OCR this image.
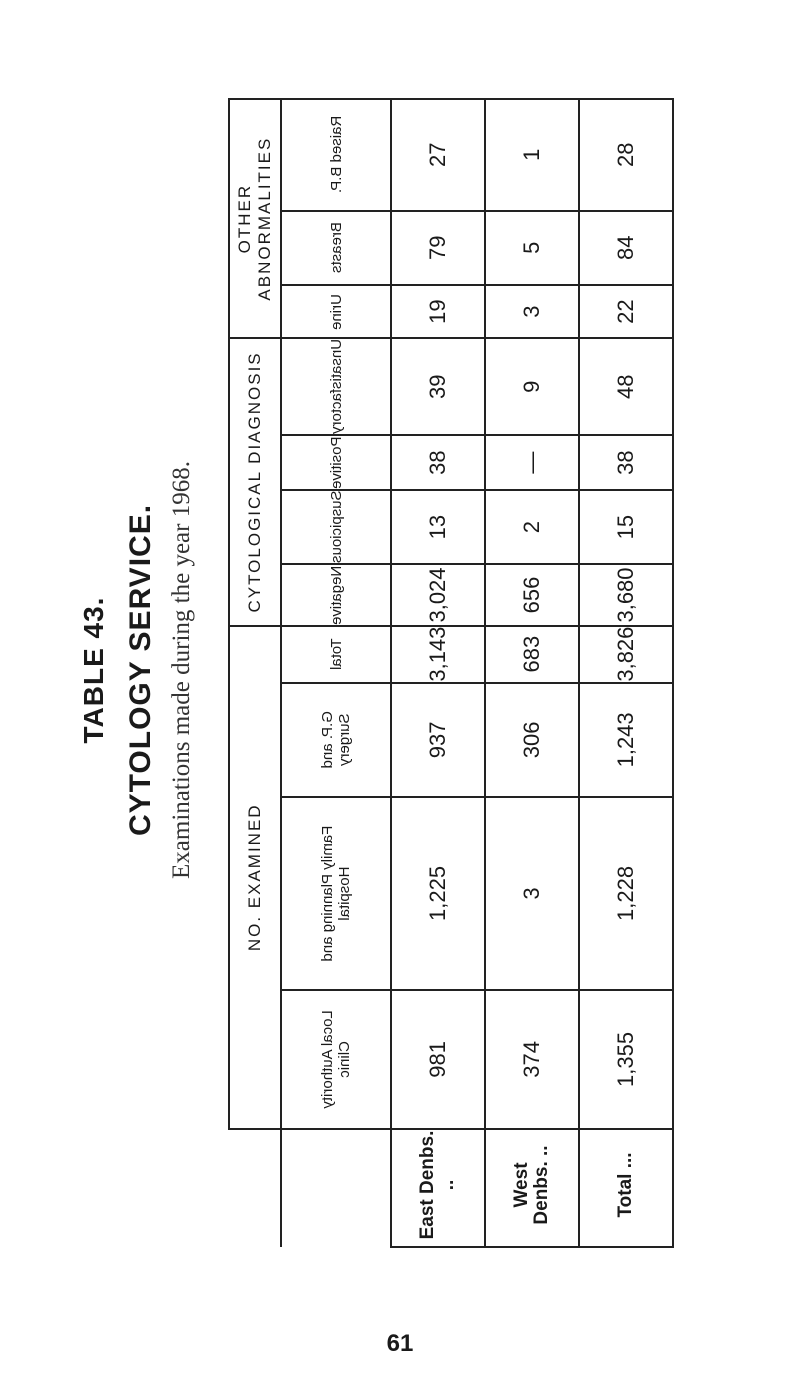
TABLE 43. CYTOLOGY SERVICE. Examinations made during the year 1968.
		NO. EXAMINED				CYTOLOGICAL DIAGNOSIS				OTHER ABNORMALITIES		
	Local Authority Clinic	Family Planning and Hospital	G.P. and Surgery	Total	Negative	Suspicious	Positive	Unsatisfactory	Urine	Breasts	Raised B.P.
East Denbs. ..	981	1,225	937	3,143	3,024	13	38	39	19	79	27
West Denbs. ..	374	3	306	683	656	2	—	9	3	5	1
Total ...	1,355	1,228	1,243	3,826	3,680	15	38	48	22	84	28
61
